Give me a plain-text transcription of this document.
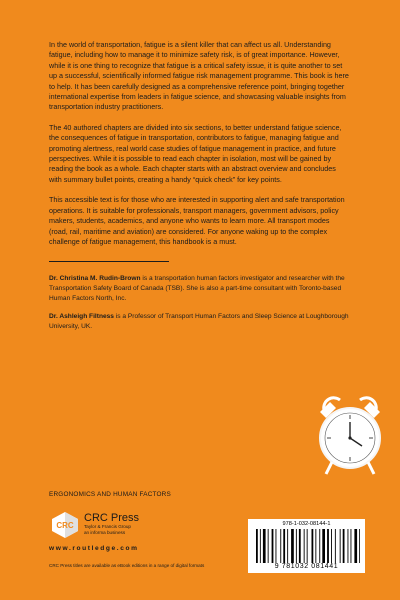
In the world of transportation, fatigue is a silent killer that can affect us all. Understanding fatigue, including how to manage it to minimize safety risk, is of great importance. However, while it is one thing to recognize that fatigue is a critical safety issue, it is quite another to set up a successful, scientifically informed fatigue risk management programme. This book is here to help. It has been carefully designed as a comprehensive reference point, bringing together international expertise from leaders in fatigue science, and showcasing valuable insights from transportation industry practitioners.

The 40 authored chapters are divided into six sections, to better understand fatigue science, the consequences of fatigue in transportation, contributors to fatigue, managing fatigue and promoting alertness, real world case studies of fatigue management in practice, and future perspectives. While it is possible to read each chapter in isolation, most will be gained by reading the book as a whole. Each chapter starts with an abstract overview and concludes with summary bullet points, creating a handy “quick check” for key points.

This accessible text is for those who are interested in supporting alert and safe transportation operations. It is suitable for professionals, transport managers, government advisors, policy makers, students, academics, and anyone who wants to learn more. All transport modes (road, rail, maritime and aviation) are considered. For anyone waking up to the complex challenge of fatigue management, this handbook is a must.

Dr. Christina M. Rudin-Brown is a transportation human factors investigator and researcher with the Transportation Safety Board of Canada (TSB). She is also a part-time consultant with Toronto-based Human Factors North, Inc.

Dr. Ashleigh Filtness is a Professor of Transport Human Factors and Sleep Science at Loughborough University, UK.

ERGONOMICS AND HUMAN FACTORS
CRC
CRC Press
Taylor & Francis Group
an informa business
www.routledge.com
CRC Press titles are available as eBook editions in a range of digital formats
978-1-032-08144-1
9 781032 081441
